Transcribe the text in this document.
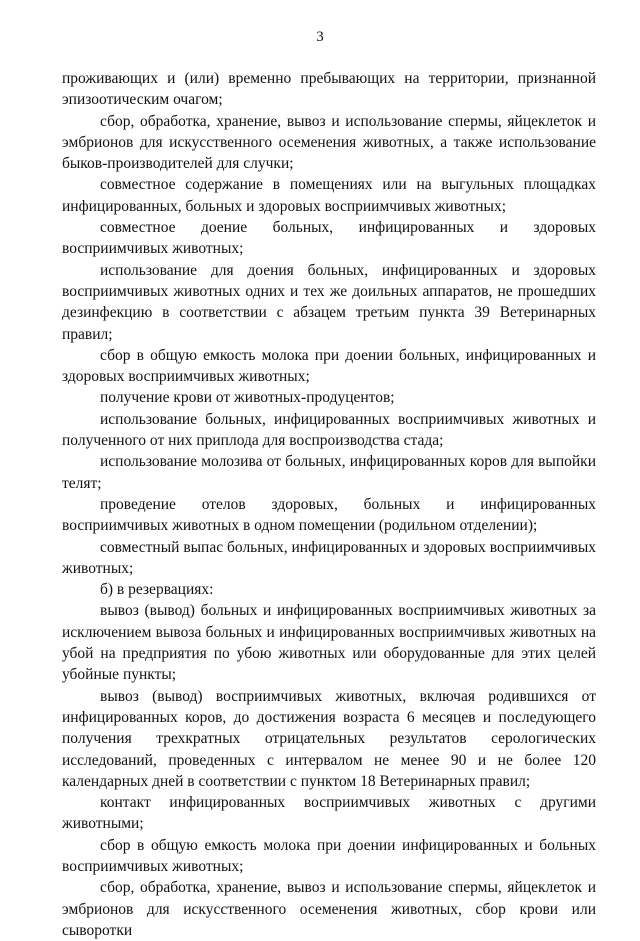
3

проживающих и (или) временно пребывающих на территории, признанной эпизоотическим очагом;

сбор, обработка, хранение, вывоз и использование спермы, яйцеклеток и эмбрионов для искусственного осеменения животных, а также использование быков-производителей для случки;

совместное содержание в помещениях или на выгульных площадках инфицированных, больных и здоровых восприимчивых животных;

совместное доение больных, инфицированных и здоровых восприимчивых животных;

использование для доения больных, инфицированных и здоровых восприимчивых животных одних и тех же доильных аппаратов, не прошедших дезинфекцию в соответствии с абзацем третьим пункта 39 Ветеринарных правил;

сбор в общую емкость молока при доении больных, инфицированных и здоровых восприимчивых животных;

получение крови от животных-продуцентов;

использование больных, инфицированных восприимчивых животных и полученного от них приплода для воспроизводства стада;

использование молозива от больных, инфицированных коров для выпойки телят;

проведение отелов здоровых, больных и инфицированных восприимчивых животных в одном помещении (родильном отделении);

совместный выпас больных, инфицированных и здоровых восприимчивых животных;

б) в резервациях:

вывоз (вывод) больных и инфицированных восприимчивых животных за исключением вывоза больных и инфицированных восприимчивых животных на убой на предприятия по убою животных или оборудованные для этих целей убойные пункты;

вывоз (вывод) восприимчивых животных, включая родившихся от инфицированных коров, до достижения возраста 6 месяцев и последующего получения трехкратных отрицательных результатов серологических исследований, проведенных с интервалом не менее 90 и не более 120 календарных дней в соответствии с пунктом 18 Ветеринарных правил;

контакт инфицированных восприимчивых животных с другими животными;

сбор в общую емкость молока при доении инфицированных и больных восприимчивых животных;

сбор, обработка, хранение, вывоз и использование спермы, яйцеклеток и эмбрионов для искусственного осеменения животных, сбор крови или сыворотки
